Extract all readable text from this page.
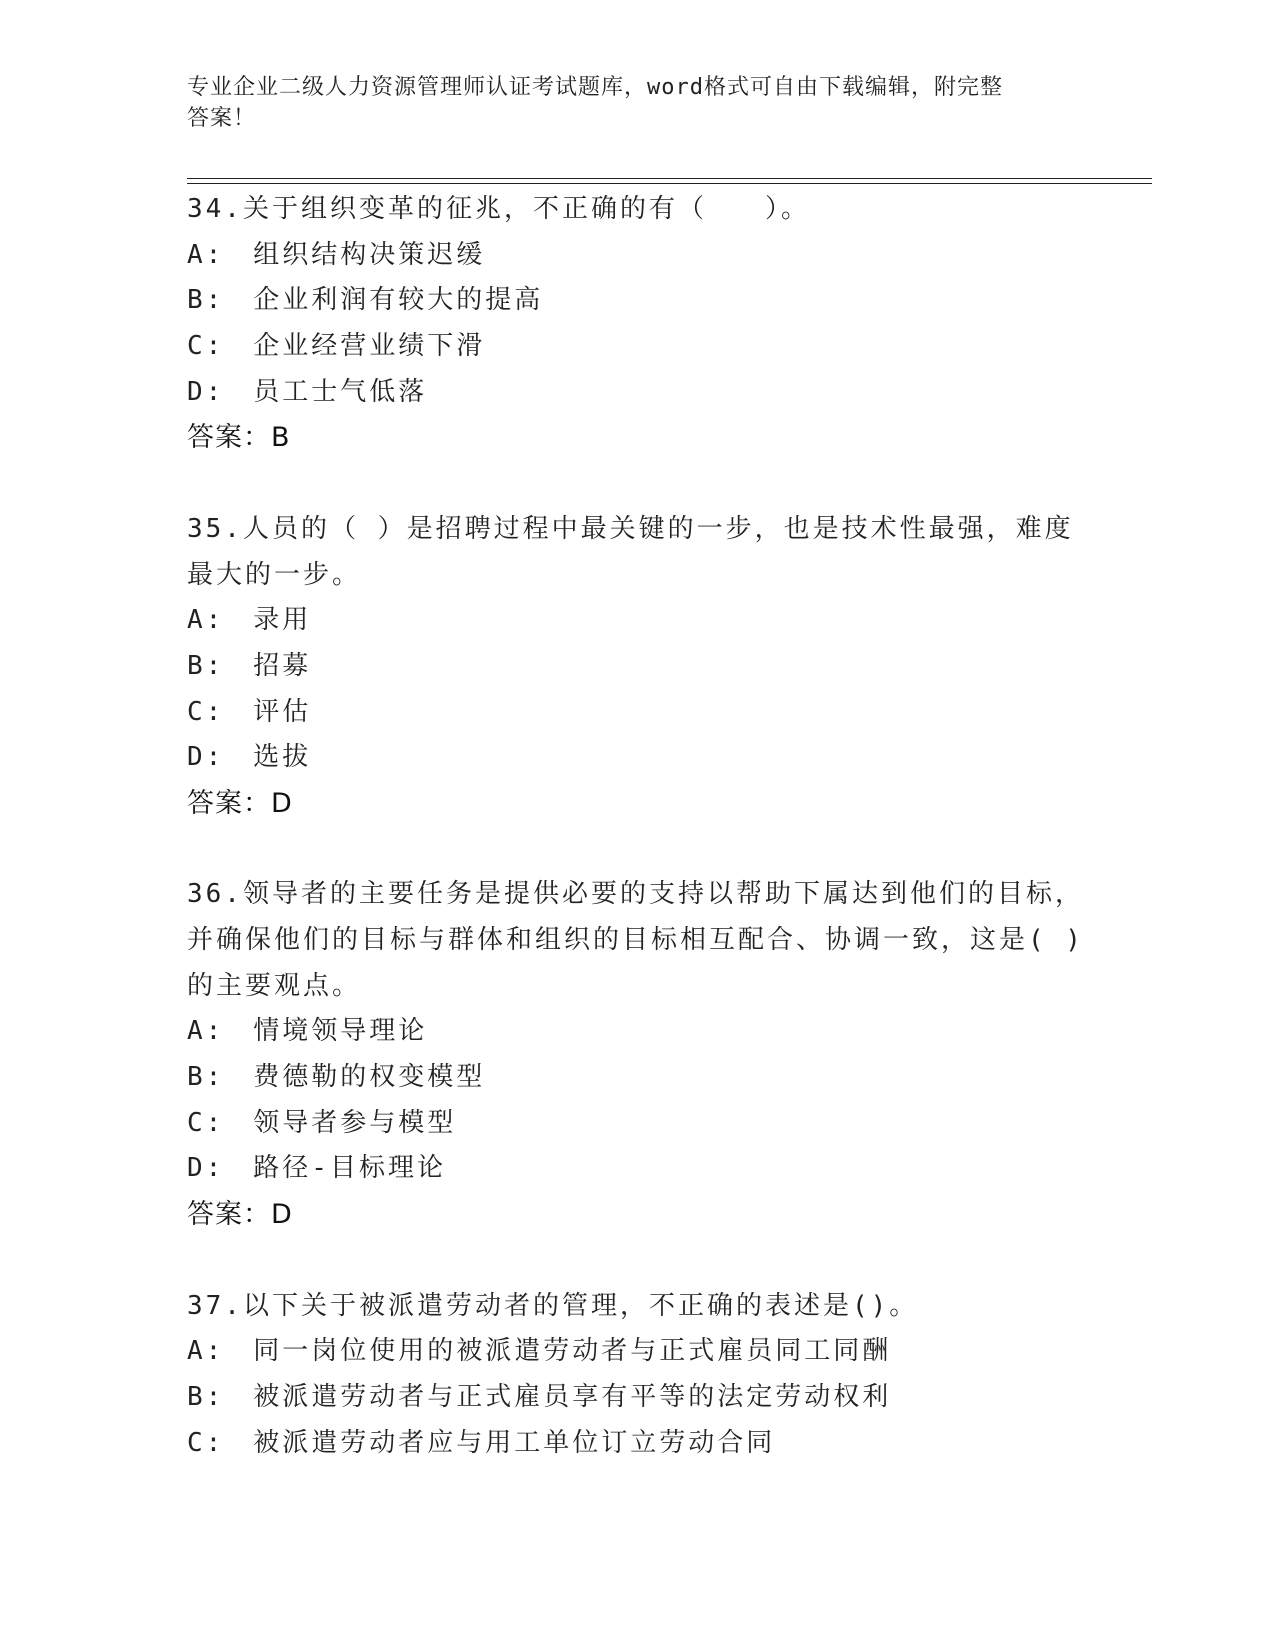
专业企业二级人力资源管理师认证考试题库，word格式可自由下载编辑，附完整
答案！
34.关于组织变革的征兆，不正确的有（　　）。
A:　组织结构决策迟缓
B:　企业利润有较大的提高
C:　企业经营业绩下滑
D:　员工士气低落
答案：B
35.人员的（ ）是招聘过程中最关键的一步，也是技术性最强，难度
最大的一步。
A:　录用
B:　招募
C:　评估
D:　选拔
答案：D
36.领导者的主要任务是提供必要的支持以帮助下属达到他们的目标，
并确保他们的目标与群体和组织的目标相互配合、协调一致，这是( )
的主要观点。
A:　情境领导理论
B:　费德勒的权变模型
C:　领导者参与模型
D:　路径-目标理论
答案：D
37.以下关于被派遣劳动者的管理，不正确的表述是()。
A:　同一岗位使用的被派遣劳动者与正式雇员同工同酬
B:　被派遣劳动者与正式雇员享有平等的法定劳动权利
C:　被派遣劳动者应与用工单位订立劳动合同
